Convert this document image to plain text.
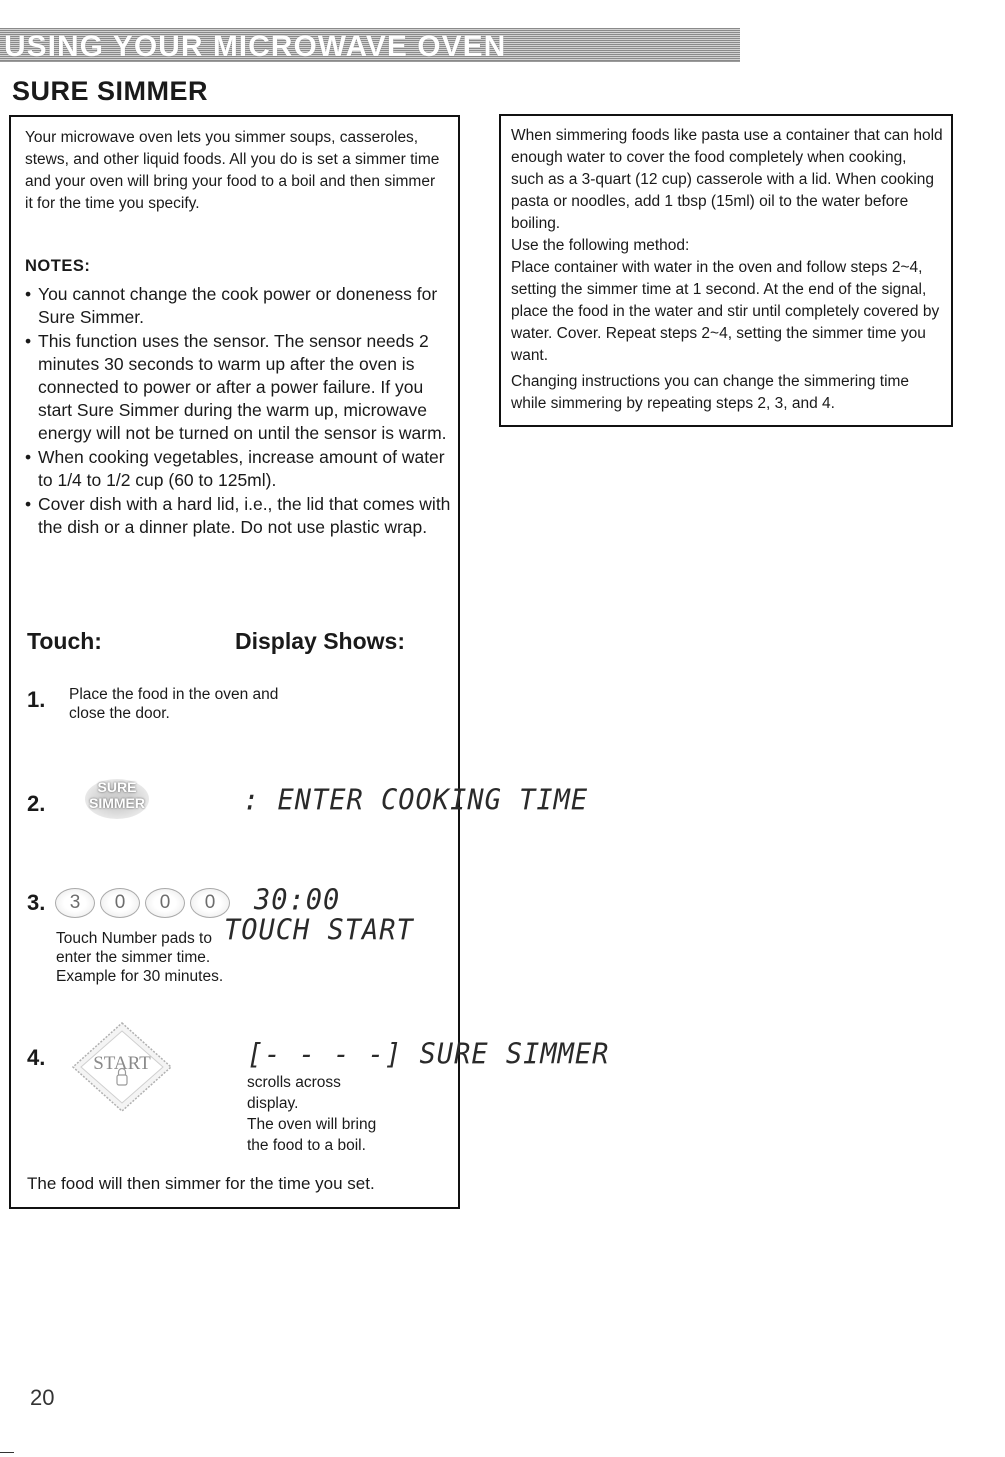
USING YOUR MICROWAVE OVEN
SURE SIMMER
Your microwave oven lets you simmer soups, casseroles, stews, and other liquid foods. All you do is set a simmer time and your oven will bring your food to a boil and then simmer it for the time you specify.
NOTES:
• You cannot change the cook power or doneness for Sure Simmer.
• This function uses the sensor. The sensor needs 2 minutes 30 seconds to warm up after the oven is connected to power or after a power failure. If you start Sure Simmer during the warm up, microwave energy will not be turned on until the sensor is warm.
• When cooking vegetables, increase amount of water to 1/4 to 1/2 cup (60 to 125ml).
• Cover dish with a hard lid, i.e., the lid that comes with the dish or a dinner plate. Do not use plastic wrap.
Touch:	Display Shows:
1. Place the food in the oven and
close the door.
2.
SURE
SIMMER	: ENTER COOKING TIME
3.	3	0	0	0
Touch Number pads to enter the simmer time. Example for 30 minutes.
30:00
TOUCH START
4.	START	[- - - -] SURE SIMMER
scrolls across
display.
The oven will bring
the food to a boil.
The food will then simmer for the time you set.

When simmering foods like pasta use a container that can hold enough water to cover the food completely when cooking, such as a 3-quart (12 cup) casserole with a lid. When cooking pasta or noodles, add 1 tbsp (15ml) oil to the water before boiling.

Use the following method:

Place container with water in the oven and follow steps 2~4, setting the simmer time at 1 second. At the end of the signal, place the food in the water and stir until completely covered by water. Cover. Repeat steps 2~4, setting the simmer time you want.

Changing instructions you can change the simmering time while simmering by repeating steps 2, 3, and 4.

20
